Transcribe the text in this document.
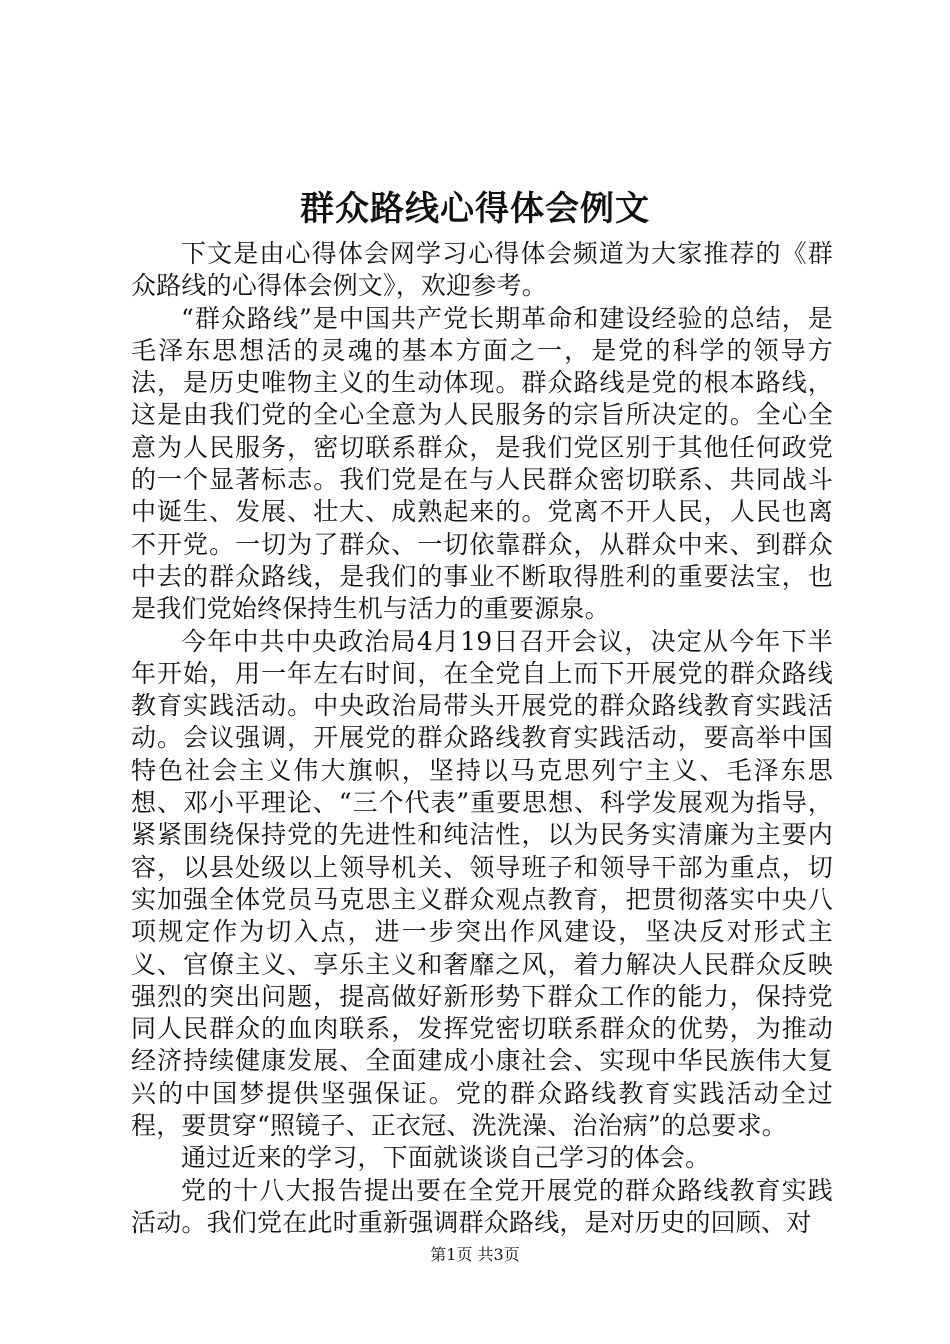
群众路线心得体会例文

下文是由心得体会网学习心得体会频道为大家推荐的《群众路线的心得体会例文》，欢迎参考。

“群众路线”是中国共产党长期革命和建设经验的总结，是毛泽东思想活的灵魂的基本方面之一，是党的科学的领导方法，是历史唯物主义的生动体现。群众路线是党的根本路线，这是由我们党的全心全意为人民服务的宗旨所决定的。全心全意为人民服务，密切联系群众，是我们党区别于其他任何政党的一个显著标志。我们党是在与人民群众密切联系、共同战斗中诞生、发展、壮大、成熟起来的。党离不开人民，人民也离不开党。一切为了群众、一切依靠群众，从群众中来、到群众中去的群众路线，是我们的事业不断取得胜利的重要法宝，也是我们党始终保持生机与活力的重要源泉。

今年中共中央政治局4月19日召开会议，决定从今年下半年开始，用一年左右时间，在全党自上而下开展党的群众路线教育实践活动。中央政治局带头开展党的群众路线教育实践活动。会议强调，开展党的群众路线教育实践活动，要高举中国特色社会主义伟大旗帜，坚持以马克思列宁主义、毛泽东思想、邓小平理论、“三个代表”重要思想、科学发展观为指导，紧紧围绕保持党的先进性和纯洁性，以为民务实清廉为主要内容，以县处级以上领导机关、领导班子和领导干部为重点，切实加强全体党员马克思主义群众观点教育，把贯彻落实中央八项规定作为切入点，进一步突出作风建设，坚决反对形式主义、官僚主义、享乐主义和奢靡之风，着力解决人民群众反映强烈的突出问题，提高做好新形势下群众工作的能力，保持党同人民群众的血肉联系，发挥党密切联系群众的优势，为推动经济持续健康发展、全面建成小康社会、实现中华民族伟大复兴的中国梦提供坚强保证。党的群众路线教育实践活动全过程，要贯穿“照镜子、正衣冠、洗洗澡、治治病”的总要求。

通过近来的学习，下面就谈谈自己学习的体会。

党的十八大报告提出要在全党开展党的群众路线教育实践活动。我们党在此时重新强调群众路线，是对历史的回顾、对

第1页 共3页
